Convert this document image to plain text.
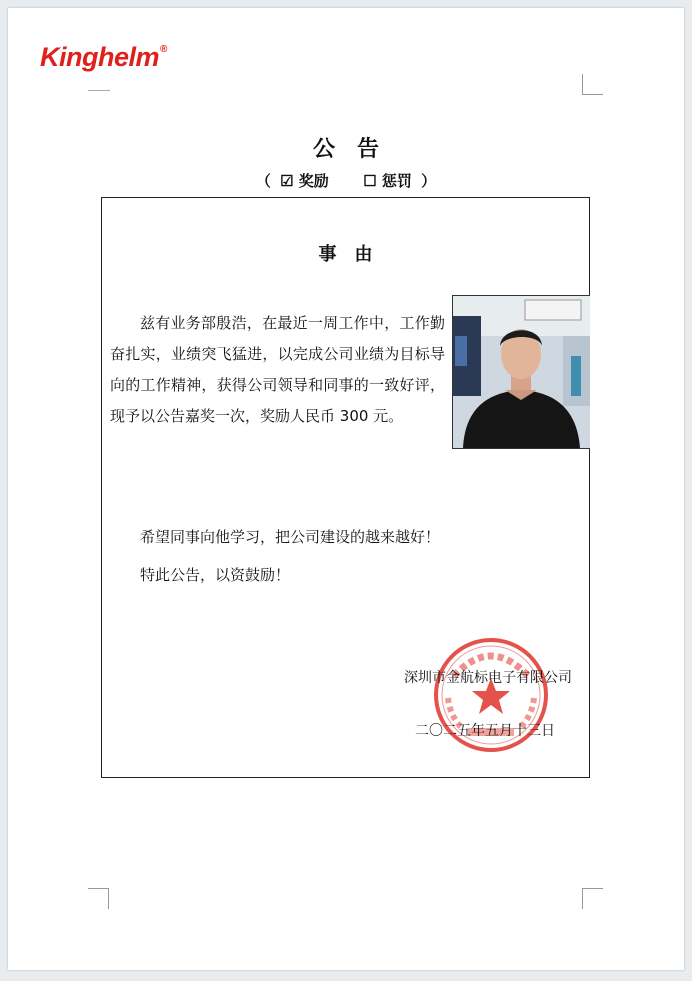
Kinghelm®
公告
（ ☑ 奖励 ☐ 惩罚 ）
事由
兹有业务部殷浩，在最近一周工作中，工作勤奋扎实，业绩突飞猛进，以完成公司业绩为目标导向的工作精神，获得公司领导和同事的一致好评，现予以公告嘉奖一次，奖励人民币 300 元。
希望同事向他学习，把公司建设的越来越好！
特此公告，以资鼓励！
深圳市金航标电子有限公司
二〇二五年五月十三日
